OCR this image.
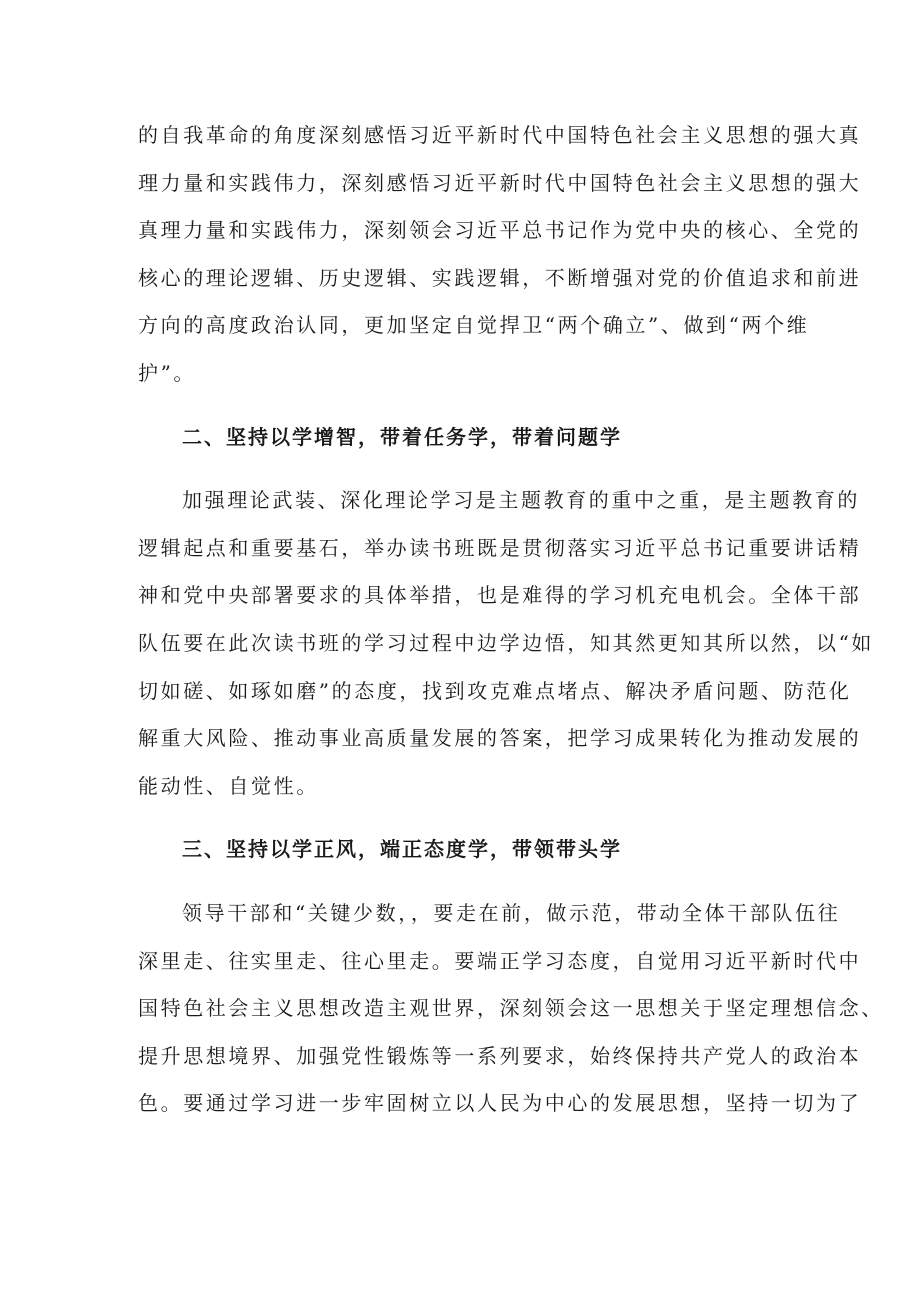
的自我革命的角度深刻感悟习近平新时代中国特色社会主义思想的强大真
理力量和实践伟力，深刻感悟习近平新时代中国特色社会主义思想的强大
真理力量和实践伟力，深刻领会习近平总书记作为党中央的核心、全党的
核心的理论逻辑、历史逻辑、实践逻辑，不断增强对党的价值追求和前进
方向的高度政治认同，更加坚定自觉捍卫“两个确立”、做到“两个维
护”。
二、坚持以学增智，带着任务学，带着问题学
加强理论武装、深化理论学习是主题教育的重中之重，是主题教育的
逻辑起点和重要基石，举办读书班既是贯彻落实习近平总书记重要讲话精
神和党中央部署要求的具体举措，也是难得的学习机充电机会。全体干部
队伍要在此次读书班的学习过程中边学边悟，知其然更知其所以然，以“如
切如磋、如琢如磨”的态度，找到攻克难点堵点、解决矛盾问题、防范化
解重大风险、推动事业高质量发展的答案，把学习成果转化为推动发展的
能动性、自觉性。
三、坚持以学正风，端正态度学，带领带头学
领导干部和“关键少数，，要走在前，做示范，带动全体干部队伍往
深里走、往实里走、往心里走。要端正学习态度，自觉用习近平新时代中
国特色社会主义思想改造主观世界，深刻领会这一思想关于坚定理想信念、
提升思想境界、加强党性锻炼等一系列要求，始终保持共产党人的政治本
色。要通过学习进一步牢固树立以人民为中心的发展思想，坚持一切为了
